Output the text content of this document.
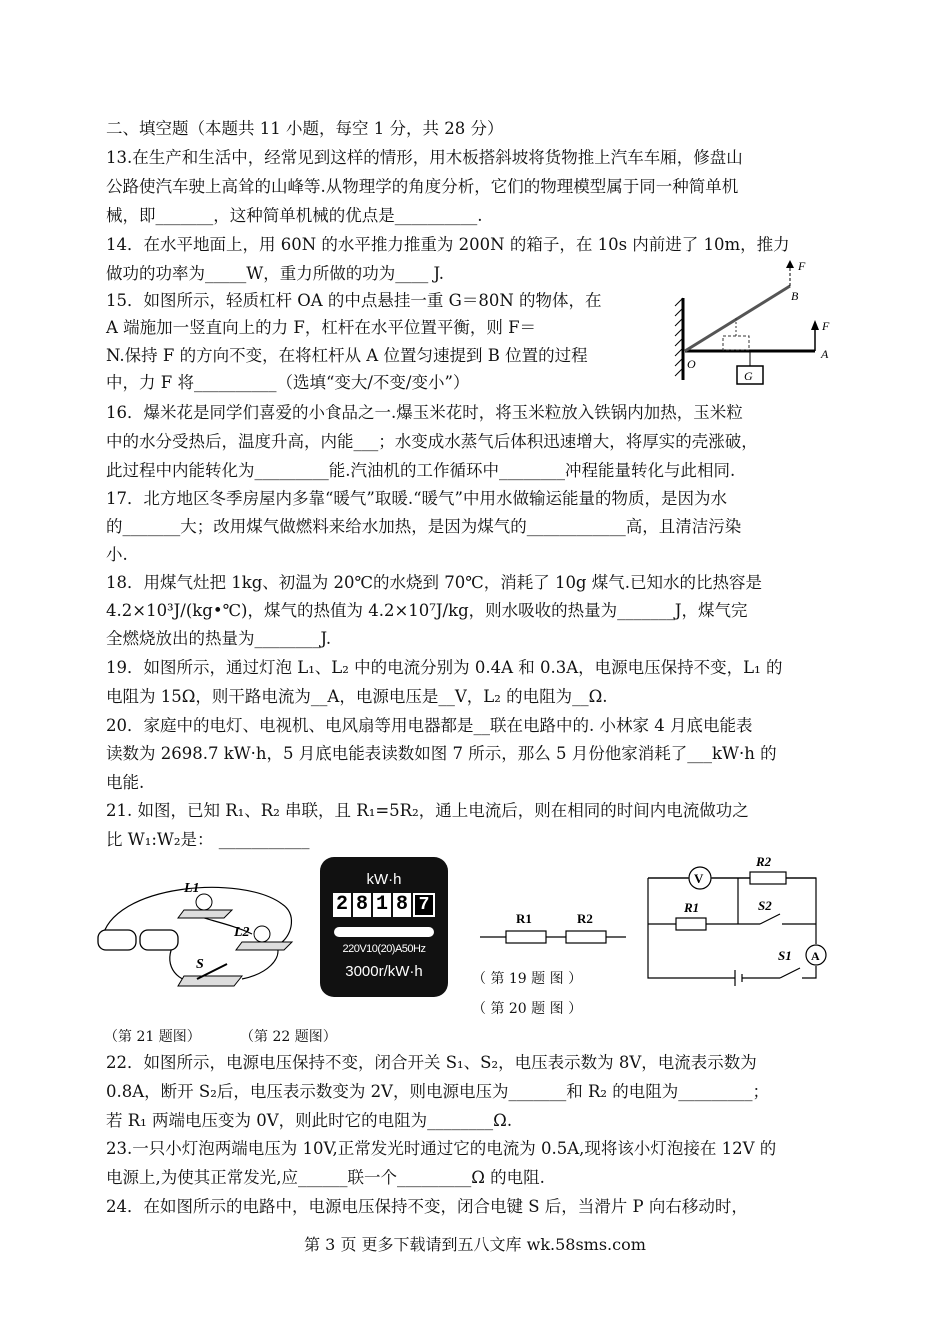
二、填空题（本题共 11 小题，每空 1 分，共 28 分）
13.在生产和生活中，经常见到这样的情形，用木板搭斜坡将货物推上汽车车厢，修盘山
公路使汽车驶上高耸的山峰等.从物理学的角度分析，它们的物理模型属于同一种简单机
械，即_______，这种简单机械的优点是__________.
14．在水平地面上，用 60N 的水平推力推重为 200N 的箱子，在 10s 内前进了 10m，推力
做功的功率为_____W，重力所做的功为____ J.
15．如图所示，轻质杠杆 OA 的中点悬挂一重 G＝80N 的物体，在
A 端施加一竖直向上的力 F，杠杆在水平位置平衡，则 F＝
N.保持 F 的方向不变，在将杠杆从 A 位置匀速提到 B 位置的过程
中，力 F 将__________（选填“变大/不变/变小”）
16．爆米花是同学们喜爱的小食品之一.爆玉米花时，将玉米粒放入铁锅内加热，玉米粒
中的水分受热后，温度升高，内能___；水变成水蒸气后体积迅速增大，将厚实的壳涨破，
此过程中内能转化为_________能.汽油机的工作循环中________冲程能量转化与此相同.
17．北方地区冬季房屋内多靠“暖气”取暖.“暖气”中用水做输运能量的物质，是因为水
的_______大；改用煤气做燃料来给水加热，是因为煤气的____________高，且清洁污染
小.
18．用煤气灶把 1kg、初温为 20℃的水烧到 70℃，消耗了 10g 煤气.已知水的比热容是
4.2×10³J/(kg•℃)，煤气的热值为 4.2×10⁷J/kg，则水吸收的热量为_______J，煤气完
全燃烧放出的热量为________J.
19．如图所示，通过灯泡 L₁、L₂ 中的电流分别为 0.4A 和 0.3A，电源电压保持不变，L₁ 的
电阻为 15Ω，则干路电流为__A，电源电压是__V，L₂ 的电阻为__Ω.
20．家庭中的电灯、电视机、电风扇等用电器都是__联在电路中的. 小林家 4 月底电能表
读数为 2698.7 kW·h，5 月底电能表读数如图 7 所示，那么 5 月份他家消耗了___kW·h 的
电能.
21. 如图，已知 R₁、R₂ 串联，且 R₁=5R₂，通上电流后，则在相同的时间内电流做功之
比 W₁:W₂是： ___________
G
F
B
F
A
O
L1
L2
S
kW·h
2 8 1 8 7
220V10(20)A50Hz
3000r/kW·h
R1	R2
（ 第 19 题 图 ）
（ 第 20 题 图 ）
（第 21 题图）	（第 22 题图）
V
A
R2
R1	S2
S1
22．如图所示，电源电压保持不变，闭合开关 S₁、S₂，电压表示数为 8V，电流表示数为
0.8A，断开 S₂后，电压表示数变为 2V，则电源电压为_______和 R₂ 的电阻为_________；
若 R₁ 两端电压变为 0V，则此时它的电阻为________Ω.
23.一只小灯泡两端电压为 10V,正常发光时通过它的电流为 0.5A,现将该小灯泡接在 12V 的
电源上,为使其正常发光,应______联一个_________Ω 的电阻.
24．在如图所示的电路中，电源电压保持不变，闭合电键 S 后，当滑片 P 向右移动时，
第 3 页 更多下载请到五八文库 wk.58sms.com
